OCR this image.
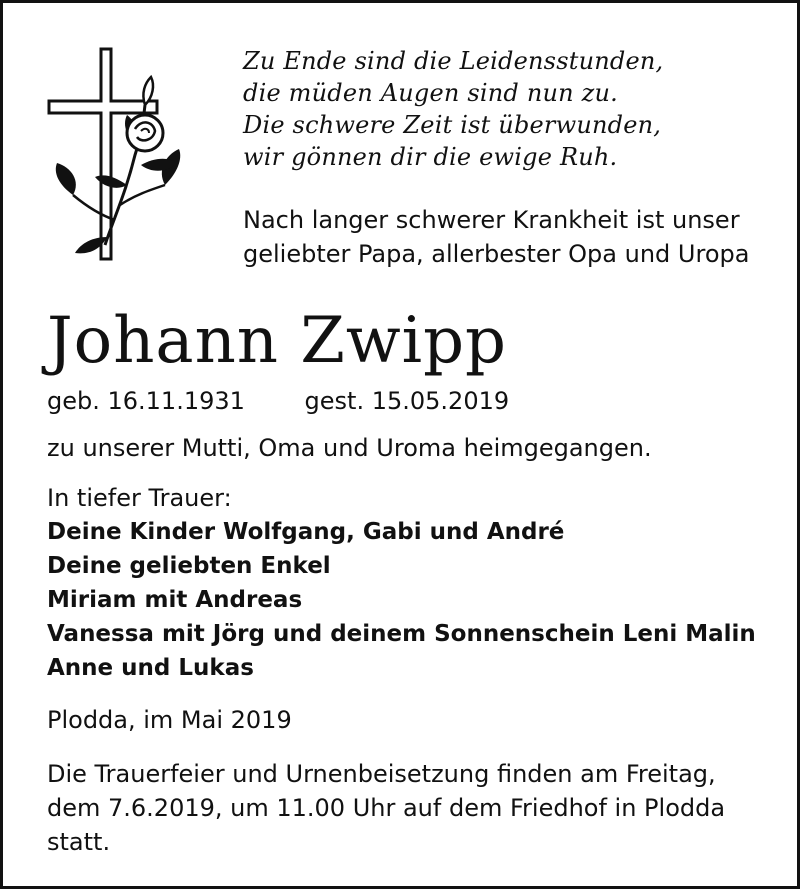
Zu Ende sind die Leidensstunden,
die müden Augen sind nun zu.
Die schwere Zeit ist überwunden,
wir gönnen dir die ewige Ruh.
Nach langer schwerer Krankheit ist unser
geliebter Papa, allerbester Opa und Uropa
Johann Zwipp
geb. 16.11.1931 gest. 15.05.2019
zu unserer Mutti, Oma und Uroma heimgegangen.
In tiefer Trauer:
Deine Kinder Wolfgang, Gabi und André
Deine geliebten Enkel
Miriam mit Andreas
Vanessa mit Jörg und deinem Sonnenschein Leni Malin
Anne und Lukas
Plodda, im Mai 2019
Die Trauerfeier und Urnenbeisetzung finden am Freitag,
dem 7.6.2019, um 11.00 Uhr auf dem Friedhof in Plodda
statt.
